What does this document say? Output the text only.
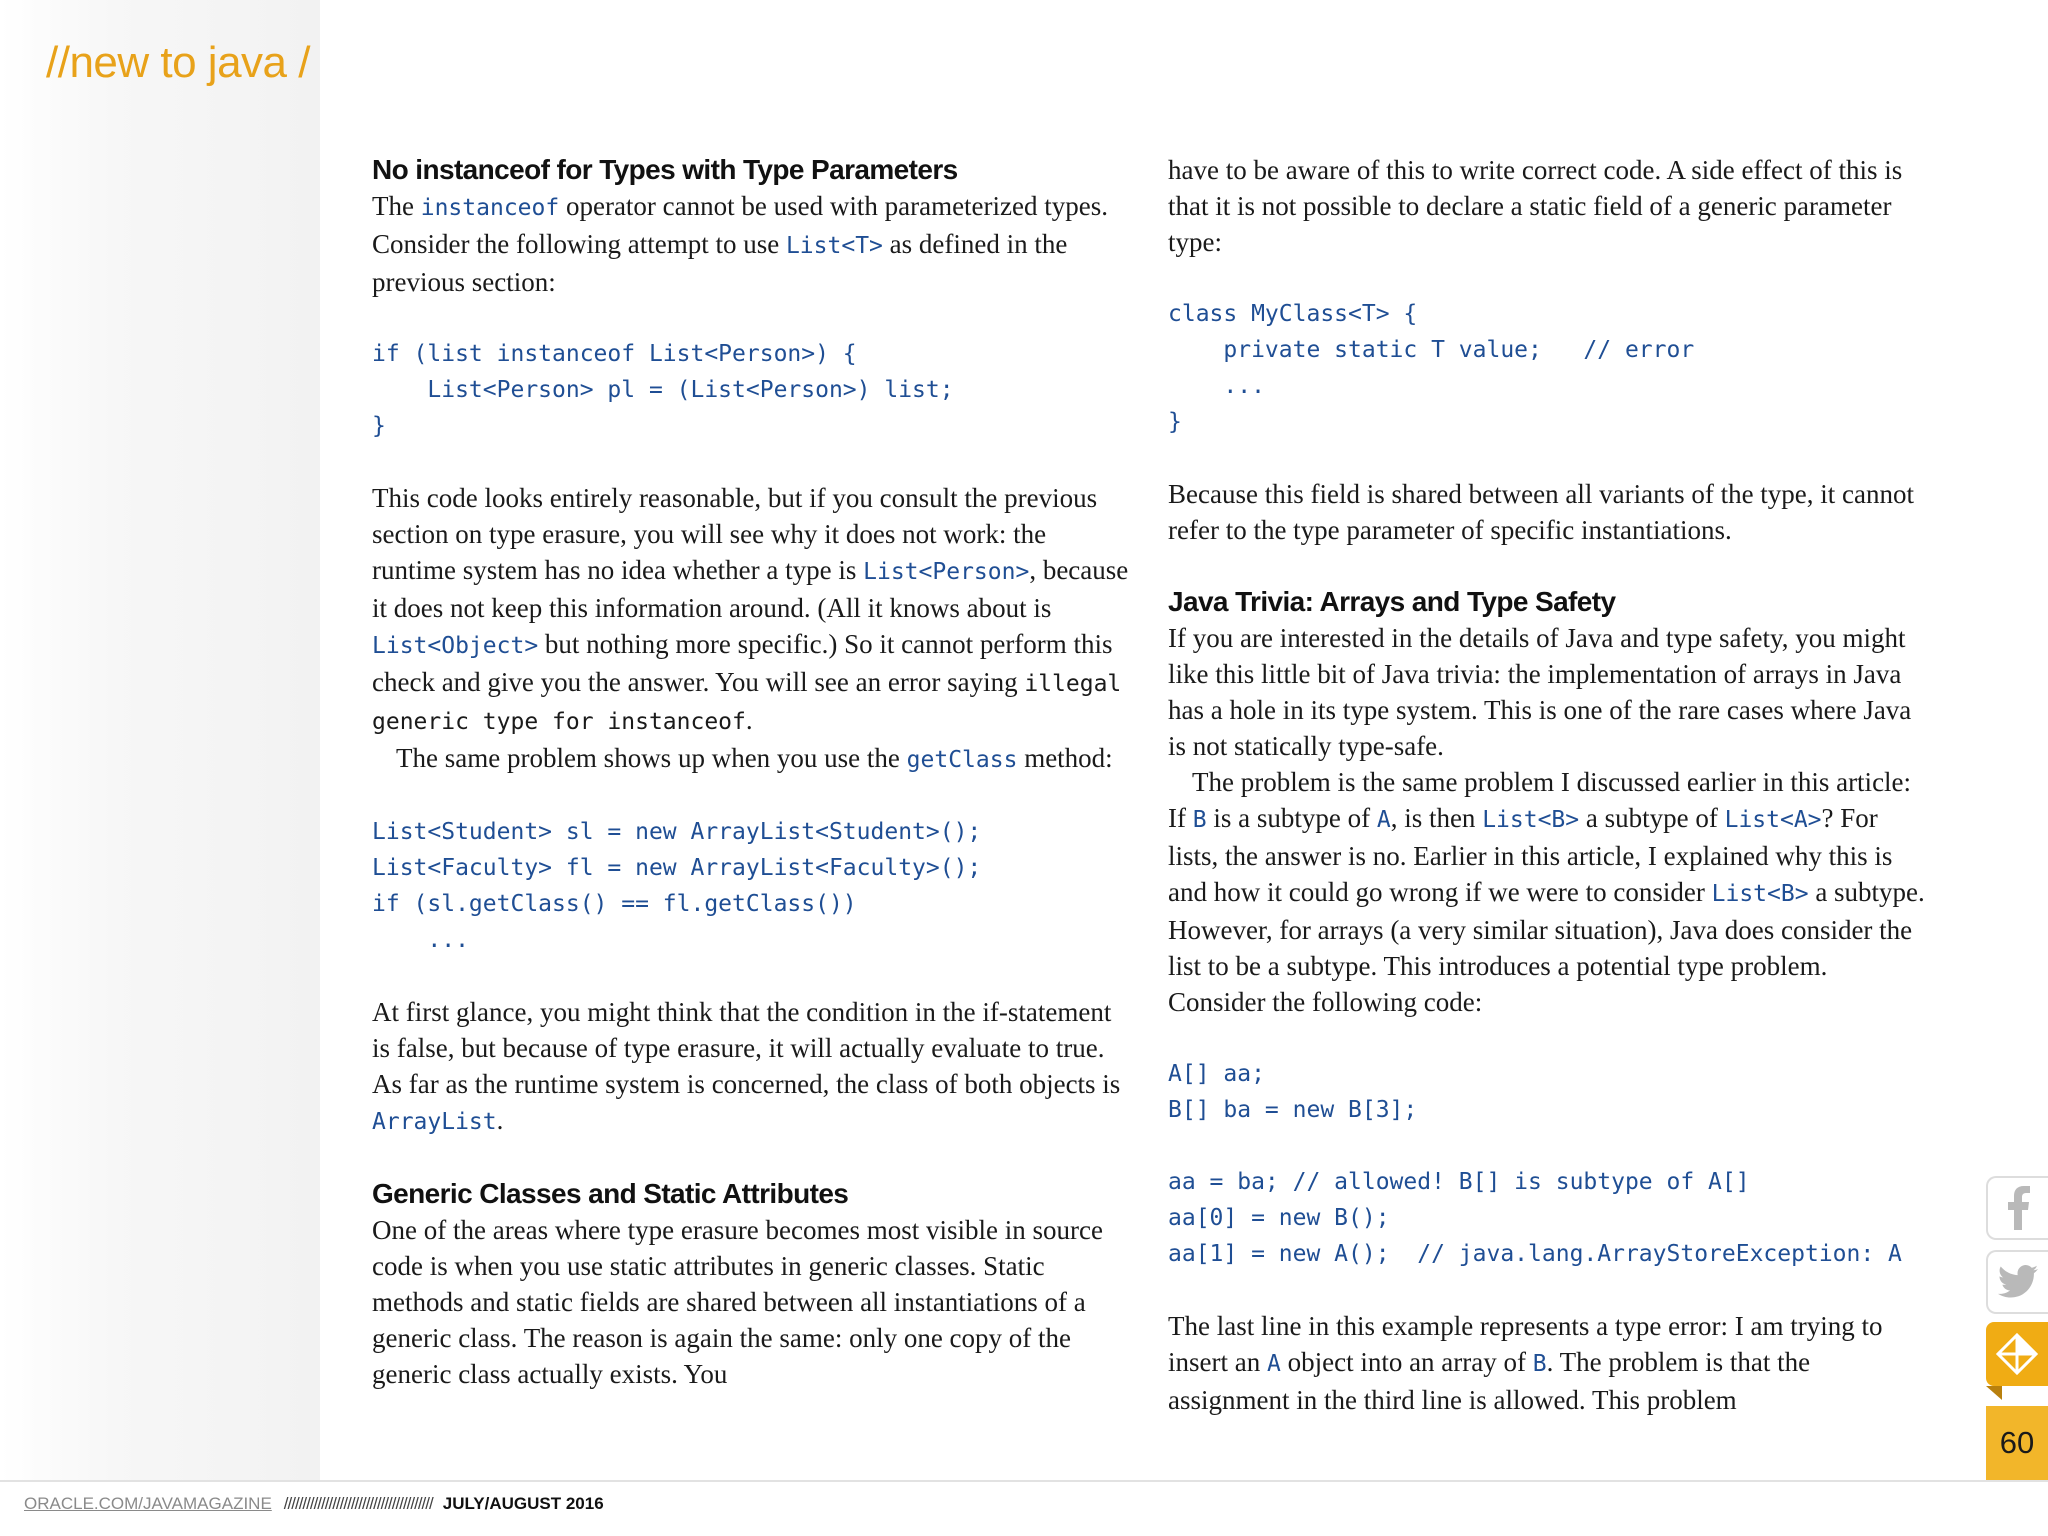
//new to java /
No instanceof for Types with Type Parameters

The instanceof operator cannot be used with parameterized types. Consider the following attempt to use List<T> as defined in the previous section:

if (list instanceof List<Person>) {
List<Person> pl = (List<Person>) list;
}

This code looks entirely reasonable, but if you consult the previous section on type erasure, you will see why it does not work: the runtime system has no idea whether a type is List<Person>, because it does not keep this information around. (All it knows about is List<Object> but nothing more specific.) So it cannot perform this check and give you the answer. You will see an error saying illegal generic type for instanceof.

The same problem shows up when you use the getClass method:

List<Student> sl = new ArrayList<Student>();
List<Faculty> fl = new ArrayList<Faculty>();
if (sl.getClass() == fl.getClass())
...

At first glance, you might think that the condition in the if-statement is false, but because of type erasure, it will actually evaluate to true. As far as the runtime system is concerned, the class of both objects is ArrayList.

Generic Classes and Static Attributes

One of the areas where type erasure becomes most visible in source code is when you use static attributes in generic classes. Static methods and static fields are shared between all instantiations of a generic class. The reason is again the same: only one copy of the generic class actually exists. You

have to be aware of this to write correct code. A side effect of this is that it is not possible to declare a static field of a generic parameter type:

class MyClass<T> {
private static T value;   // error
...
}

Because this field is shared between all variants of the type, it cannot refer to the type parameter of specific instantiations.

Java Trivia: Arrays and Type Safety

If you are interested in the details of Java and type safety, you might like this little bit of Java trivia: the implementation of arrays in Java has a hole in its type system. This is one of the rare cases where Java is not statically type-safe.

The problem is the same problem I discussed earlier in this article: If B is a subtype of A, is then List<B> a subtype of List<A>? For lists, the answer is no. Earlier in this article, I explained why this is and how it could go wrong if we were to consider List<B> a subtype. However, for arrays (a very similar situation), Java does consider the list to be a subtype. This introduces a potential type problem. Consider the following code:

A[] aa;
B[] ba = new B[3];
aa = ba; // allowed! B[] is subtype of A[]
aa[0] = new B();
aa[1] = new A();  // java.lang.ArrayStoreException: A

The last line in this example represents a type error: I am trying to insert an A object into an array of B. The problem is that the assignment in the third line is allowed. This problem

60
ORACLE.COM/JAVAMAGAZINE //////////////////////////////////////// JULY/AUGUST 2016
